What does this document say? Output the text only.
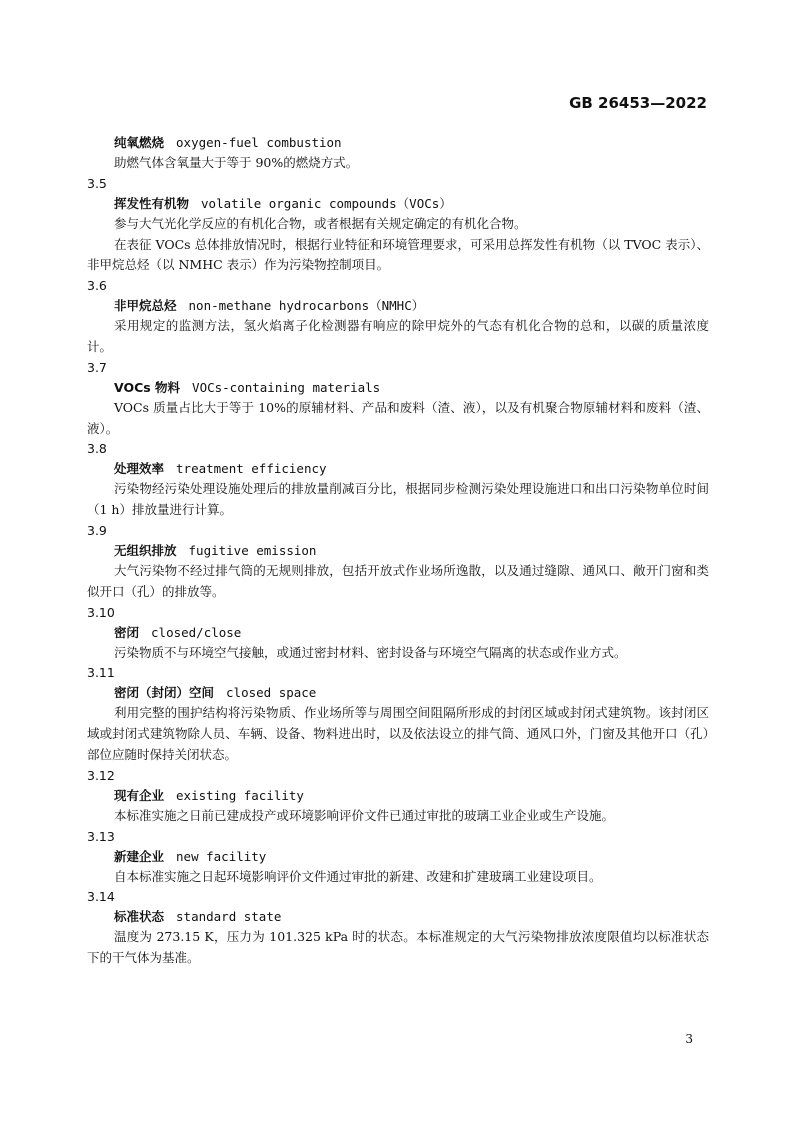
GB 26453—2022
纯氧燃烧 oxygen-fuel combustion

助燃气体含氧量大于等于 90%的燃烧方式。

3.5
挥发性有机物 volatile organic compounds（VOCs）

参与大气光化学反应的有机化合物，或者根据有关规定确定的有机化合物。

在表征 VOCs 总体排放情况时，根据行业特征和环境管理要求，可采用总挥发性有机物（以 TVOC 表示）、非甲烷总烃（以 NMHC 表示）作为污染物控制项目。

3.6
非甲烷总烃 non-methane hydrocarbons（NMHC）

采用规定的监测方法，氢火焰离子化检测器有响应的除甲烷外的气态有机化合物的总和，以碳的质量浓度计。

3.7
VOCs 物料 VOCs-containing materials

VOCs 质量占比大于等于 10%的原辅材料、产品和废料（渣、液），以及有机聚合物原辅材料和废料（渣、液）。

3.8
处理效率 treatment efficiency

污染物经污染处理设施处理后的排放量削减百分比，根据同步检测污染处理设施进口和出口污染物单位时间（1 h）排放量进行计算。

3.9
无组织排放 fugitive emission

大气污染物不经过排气筒的无规则排放，包括开放式作业场所逸散，以及通过缝隙、通风口、敞开门窗和类似开口（孔）的排放等。

3.10
密闭 closed/close

污染物质不与环境空气接触，或通过密封材料、密封设备与环境空气隔离的状态或作业方式。

3.11
密闭（封闭）空间 closed space

利用完整的围护结构将污染物质、作业场所等与周围空间阻隔所形成的封闭区域或封闭式建筑物。该封闭区域或封闭式建筑物除人员、车辆、设备、物料进出时，以及依法设立的排气筒、通风口外，门窗及其他开口（孔）部位应随时保持关闭状态。

3.12
现有企业 existing facility

本标准实施之日前已建成投产或环境影响评价文件已通过审批的玻璃工业企业或生产设施。

3.13
新建企业 new facility

自本标准实施之日起环境影响评价文件通过审批的新建、改建和扩建玻璃工业建设项目。

3.14
标准状态 standard state

温度为 273.15 K，压力为 101.325 kPa 时的状态。本标准规定的大气污染物排放浓度限值均以标准状态下的干气体为基准。

3
